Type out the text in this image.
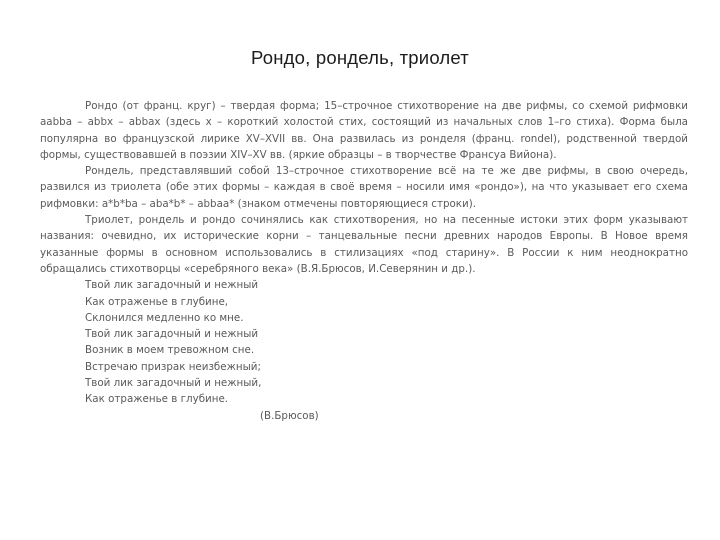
Рондо, рондель, триолет

Рондо (от франц. круг) – твердая форма; 15–строчное стихотворение на две рифмы, со схемой рифмовки aabba – abbx – abbax (здесь x – короткий холостой стих, состоящий из начальных слов 1–го стиха). Форма была популярна во французской лирике XV–XVII вв. Она развилась из ронделя (франц. rondel), родственной твердой формы, существовавшей в поэзии XIV–XV вв. (яркие образцы – в творчестве Франсуа Вийона).

Рондель, представлявший собой 13–строчное стихотворение всё на те же две рифмы, в свою очередь, развился из триолета (обе этих формы – каждая в своё время – носили имя «рондо»), на что указывает его схема рифмовки: a*b*ba – aba*b* – abbaa* (знаком отмечены повторяющиеся строки).

Триолет, рондель и рондо сочинялись как стихотворения, но на песенные истоки этих форм указывают названия: очевидно, их исторические корни – танцевальные песни древних народов Европы. В Новое время указанные формы в основном использовались в стилизациях «под старину». В России к ним неоднократно обращались стихотворцы «серебряного века» (В.Я.Брюсов, И.Северянин и др.).

Твой лик загадочный и нежный
Как отраженье в глубине,
Склонился медленно ко мне.
Твой лик загадочный и нежный
Возник в моем тревожном сне.
Встречаю призрак неизбежный;
Твой лик загадочный и нежный,
Как отраженье в глубине.
(В.Брюсов)
